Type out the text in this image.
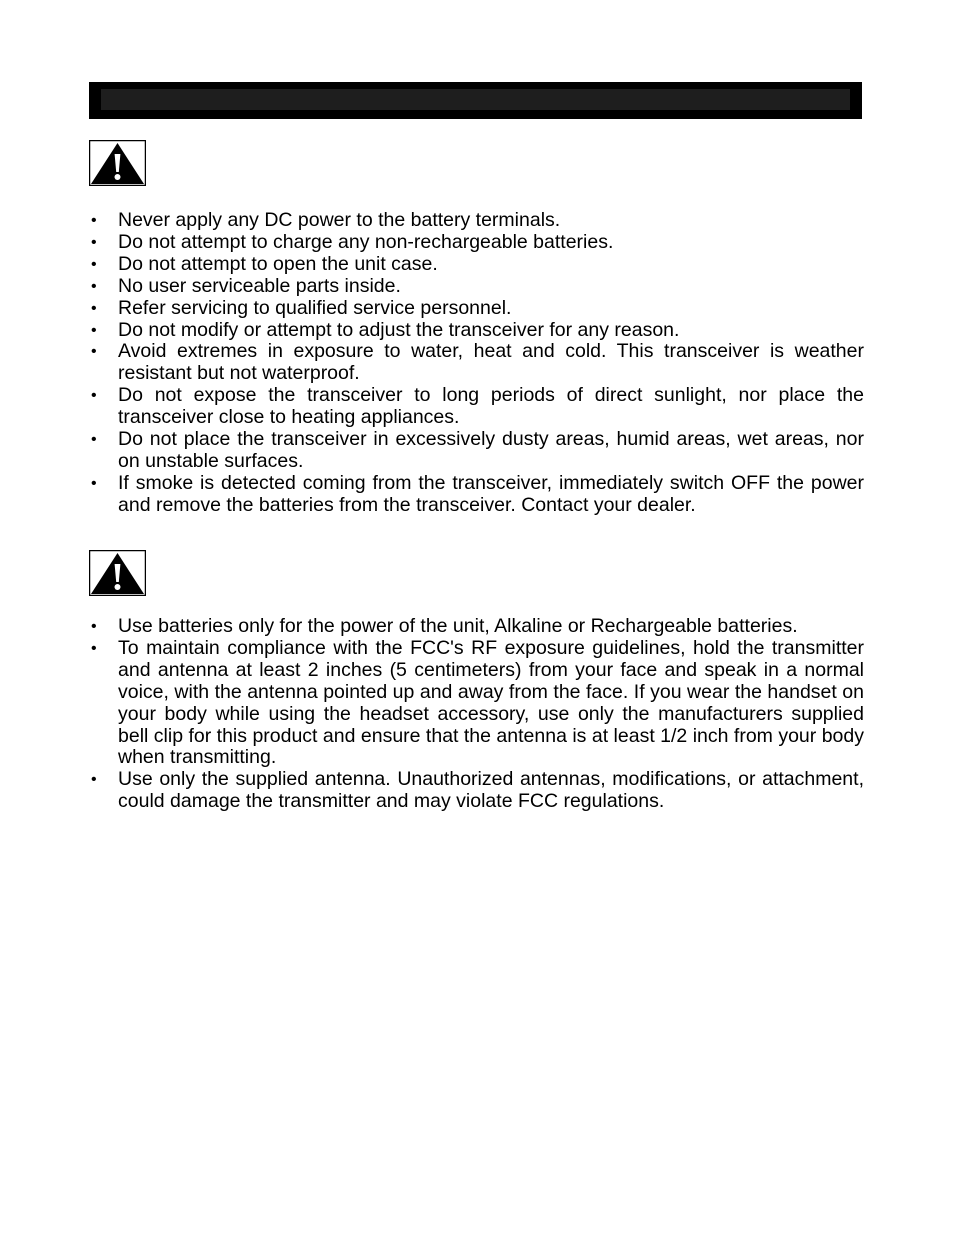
• Never apply any DC power to the battery terminals.
• Do not attempt to charge any non-rechargeable batteries.
• Do not attempt to open the unit case.
• No user serviceable parts inside.
• Refer servicing to qualified service personnel.
• Do not modify or attempt to adjust the transceiver for any reason.
• Avoid extremes in exposure to water, heat and cold. This transceiver is weather resistant but not waterproof.
• Do not expose the transceiver to long periods of direct sunlight, nor place the transceiver close to heating appliances.
• Do not place the transceiver in excessively dusty areas, humid areas, wet areas, nor on unstable surfaces.
• If smoke is detected coming from the transceiver, immediately switch OFF the power and remove the batteries from the transceiver. Contact your dealer.
• Use batteries only for the power of the unit, Alkaline or Rechargeable batteries.
• To maintain compliance with the FCC's RF exposure guidelines, hold the transmitter and antenna at least 2 inches (5 centimeters) from your face and speak in a normal voice, with the antenna pointed up and away from the face. If you wear the handset on your body while using the headset accessory, use only the manufacturers supplied bell clip for this product and ensure that the antenna is at least 1/2 inch from your body when transmitting.
• Use only the supplied antenna. Unauthorized antennas, modifications, or attachment, could damage the transmitter and may violate FCC regulations.
